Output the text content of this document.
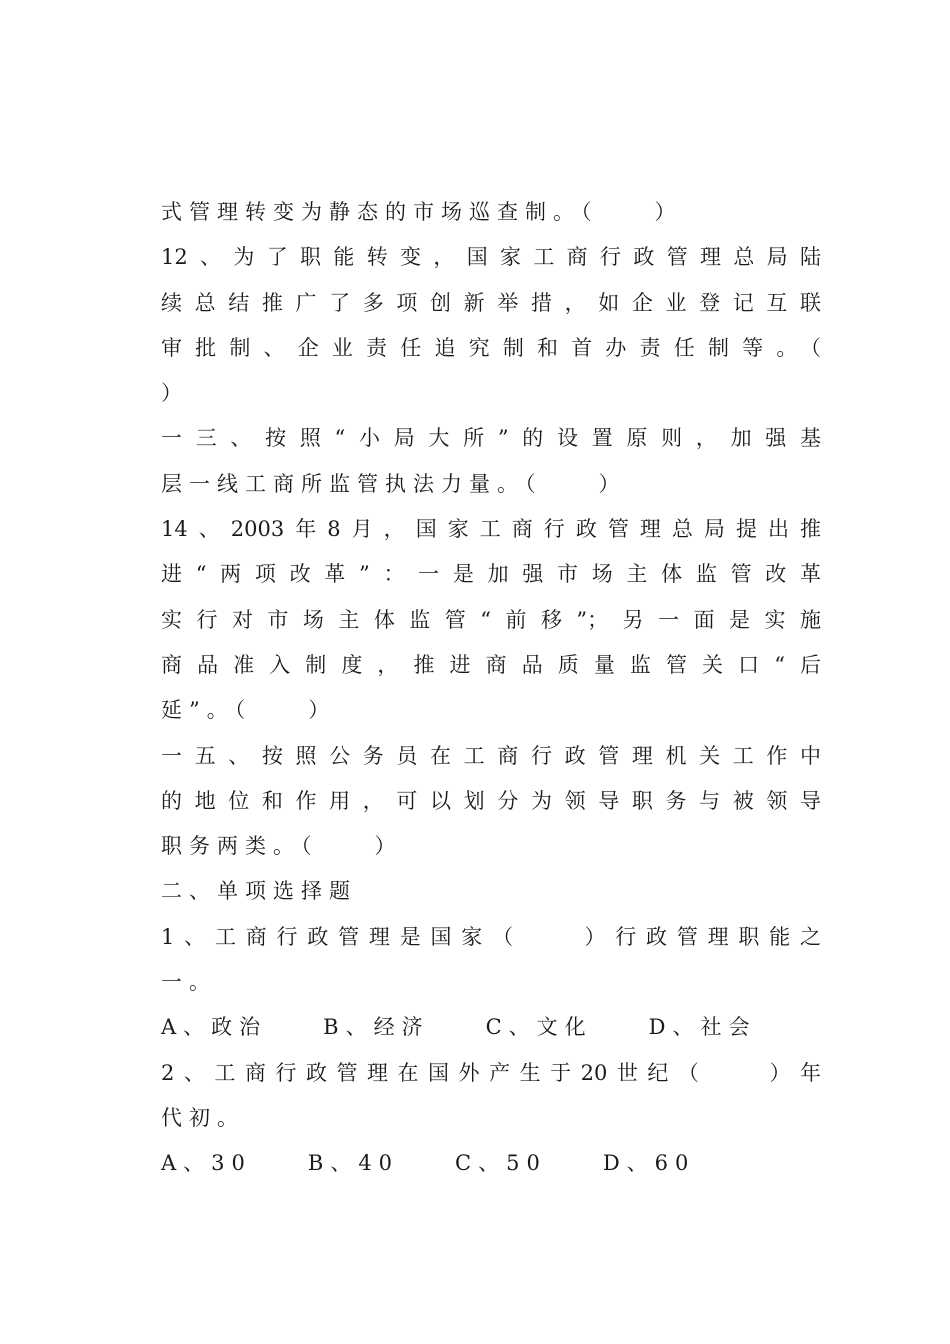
式管理转变为静态的市场巡查制。（　　）
12、为了职能转变，国家工商行政管理总局陆
续总结推广了多项创新举措，如企业登记互联
审批制、企业责任追究制和首办责任制等。（
）
一三、按照“小局大所”的设置原则，加强基
层一线工商所监管执法力量。（　　）
14、2003年8月，国家工商行政管理总局提出推
进“两项改革”：一是加强市场主体监管改革
实行对市场主体监管“前移”；另一面是实施
商品准入制度，推进商品质量监管关口“后
延”。（　　）
一五、按照公务员在工商行政管理机关工作中
的地位和作用，可以划分为领导职务与被领导
职务两类。（　　）
二、单项选择题
1、工商行政管理是国家（　　）行政管理职能之
一。
A、政治　　B、经济　　C、文化　　D、社会
2、工商行政管理在国外产生于20世纪（　　）年
代初。
A、30　　B、40　　C、50　　D、60
